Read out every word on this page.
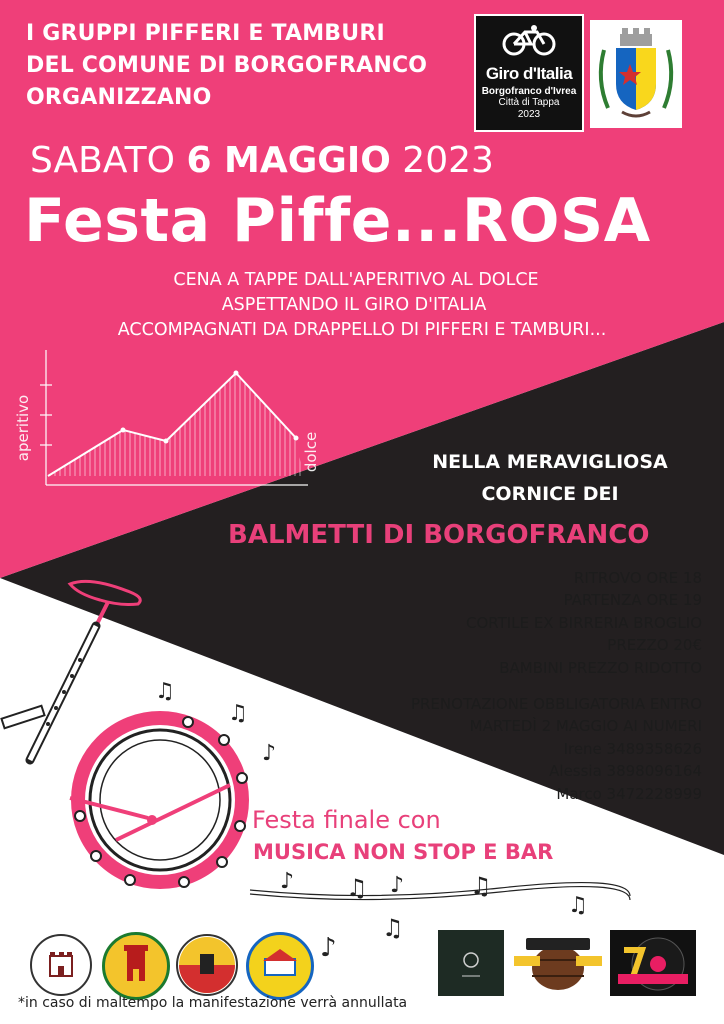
I GRUPPI PIFFERI E TAMBURI
DEL COMUNE DI BORGOFRANCO
ORGANIZZANO
Giro d'Italia
Borgofranco d'Ivrea
Città di Tappa
2023
SABATO 6 MAGGIO 2023
Festa Piffe...ROSA
CENA A TAPPE DALL'APERITIVO AL DOLCE
ASPETTANDO IL GIRO D'ITALIA
ACCOMPAGNATI DA DRAPPELLO DI PIFFERI E TAMBURI...
aperitivo	dolce	NELLA MERAVIGLIOSA
CORNICE DEI
BALMETTI DI BORGOFRANCO
RITROVO ORE 18
PARTENZA ORE 19
CORTILE EX BIRRERIA BROGLIO
PREZZO 20€
BAMBINI PREZZO RIDOTTO
PRENOTAZIONE OBBLIGATORIA ENTRO
MARTEDÌ 2 MAGGIO AI NUMERI
Irene 3489358626
Alessia 3898096164
Marco 3472228999
♫
♫
♪
Festa finale con
MUSICA NON STOP E BAR
♪ ♫ ♪	♫
♪
♫
♫
*in caso di maltempo la manifestazione verrà annullata
